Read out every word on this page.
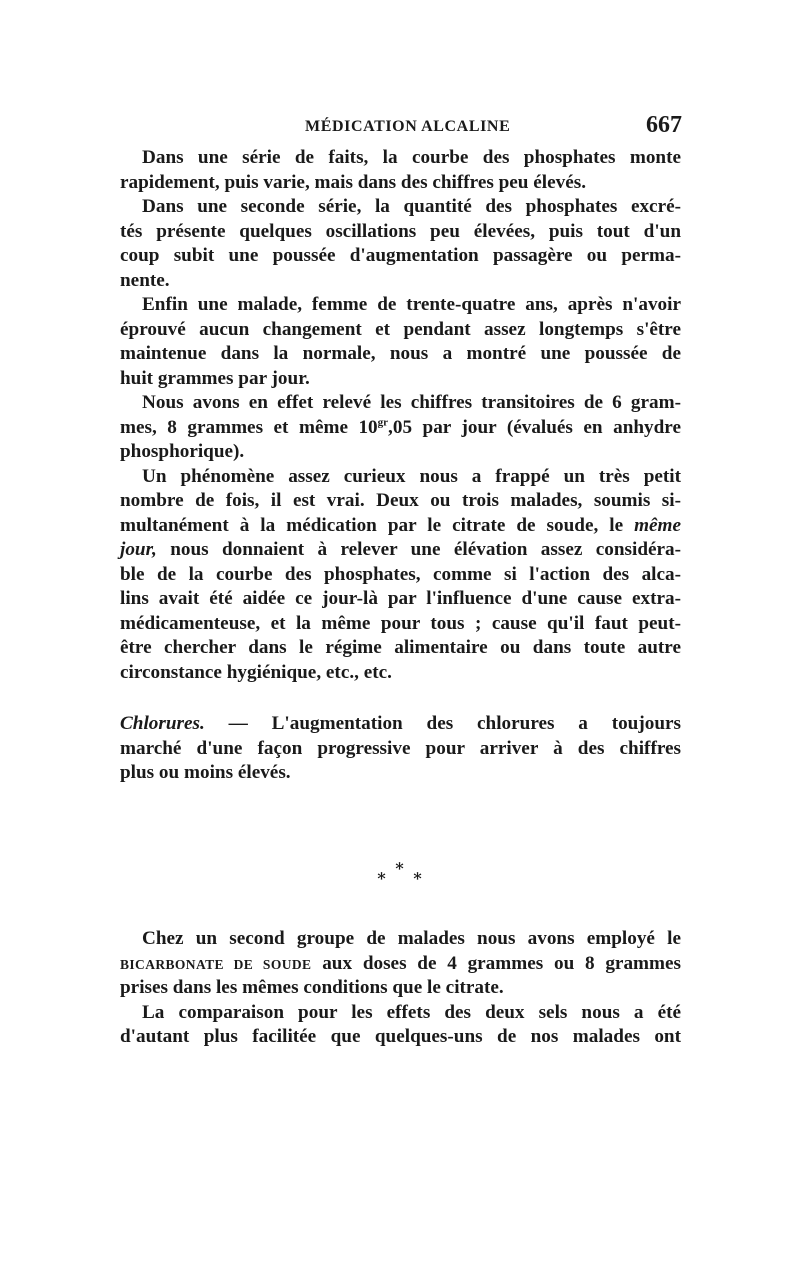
MÉDICATION ALCALINE	667
Dans une série de faits, la courbe des phosphates monte
rapidement, puis varie, mais dans des chiffres peu élevés.
Dans une seconde série, la quantité des phosphates excré-
tés présente quelques oscillations peu élevées, puis tout d'un
coup subit une poussée d'augmentation passagère ou perma-
nente.
Enfin une malade, femme de trente-quatre ans, après n'avoir
éprouvé aucun changement et pendant assez longtemps s'être
maintenue dans la normale, nous a montré une poussée de
huit grammes par jour.
Nous avons en effet relevé les chiffres transitoires de 6 gram-
mes, 8 grammes et même $10^{gr},05$ par jour (évalués en anhydre
phosphorique).
Un phénomène assez curieux nous a frappé un très petit
nombre de fois, il est vrai. Deux ou trois malades, soumis si-
multanément à la médication par le citrate de soude, le même
jour, nous donnaient à relever une élévation assez considéra-
ble de la courbe des phosphates, comme si l'action des alca-
lins avait été aidée ce jour-là par l'influence d'une cause extra-
médicamenteuse, et la même pour tous ; cause qu'il faut peut-
être chercher dans le régime alimentaire ou dans toute autre
circonstance hygiénique, etc., etc.
Chlorures. — L'augmentation des chlorures a toujours
marché d'une façon progressive pour arriver à des chiffres
plus ou moins élevés.
∗
∗
∗
Chez un second groupe de malades nous avons employé le
BICARBONATE DE SOUDE aux doses de 4 grammes ou 8 grammes
prises dans les mêmes conditions que le citrate.
La comparaison pour les effets des deux sels nous a été
d'autant plus facilitée que quelques-uns de nos malades ont
